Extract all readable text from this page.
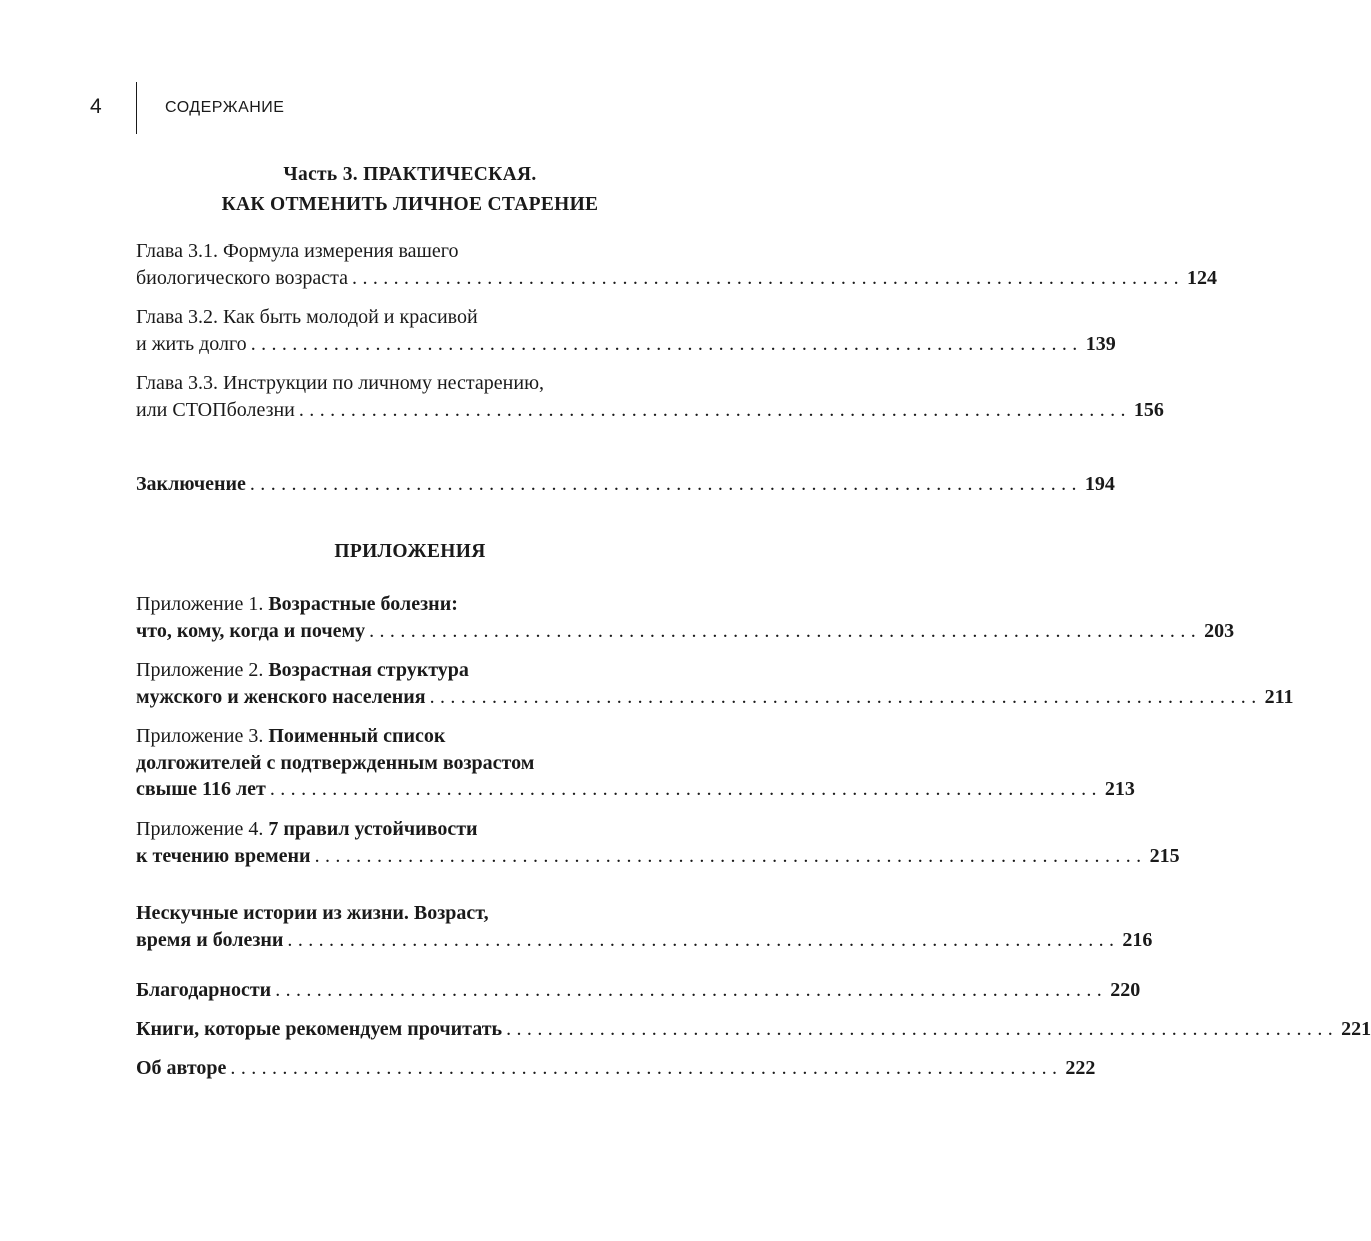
4	СОДЕРЖАНИЕ
Часть 3. ПРАКТИЧЕСКАЯ.
КАК ОТМЕНИТЬ ЛИЧНОЕ СТАРЕНИЕ
Глава 3.1. Формула измерения вашего
биологического возраста ................................................................................ 124
Глава 3.2. Как быть молодой и красивой
и жить долго ................................................................................ 139
Глава 3.3. Инструкции по личному нестарению,
или СТОПболезни ................................................................................ 156
Заключение ................................................................................ 194
ПРИЛОЖЕНИЯ
Приложение 1. Возрастные болезни:
что, кому, когда и почему ................................................................................ 203
Приложение 2. Возрастная структура
мужского и женского населения ................................................................................ 211
Приложение 3. Поименный список
долгожителей с подтвержденным возрастом
свыше 116 лет ................................................................................ 213
Приложение 4. 7 правил устойчивости
к течению времени ................................................................................ 215
Нескучные истории из жизни. Возраст,
время и болезни ................................................................................ 216
Благодарности ................................................................................ 220
Книги, которые рекомендуем прочитать ................................................................................ 221
Об авторе ................................................................................ 222
